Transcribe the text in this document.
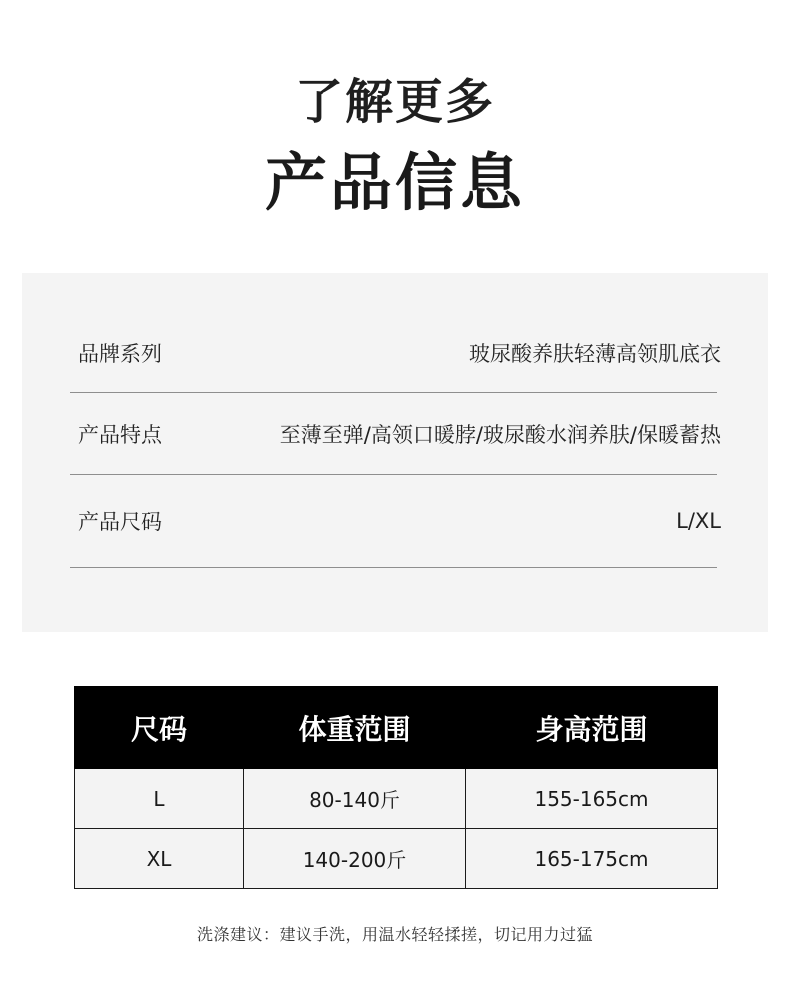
了解更多
产品信息
品牌系列	玻尿酸养肤轻薄高领肌底衣
产品特点	至薄至弹/高领口暖脖/玻尿酸水润养肤/保暖蓄热
产品尺码	L/XL
尺码	体重范围	身高范围
L	80-140斤	155-165cm
XL	140-200斤	165-175cm
洗涤建议：建议手洗，用温水轻轻揉搓，切记用力过猛
